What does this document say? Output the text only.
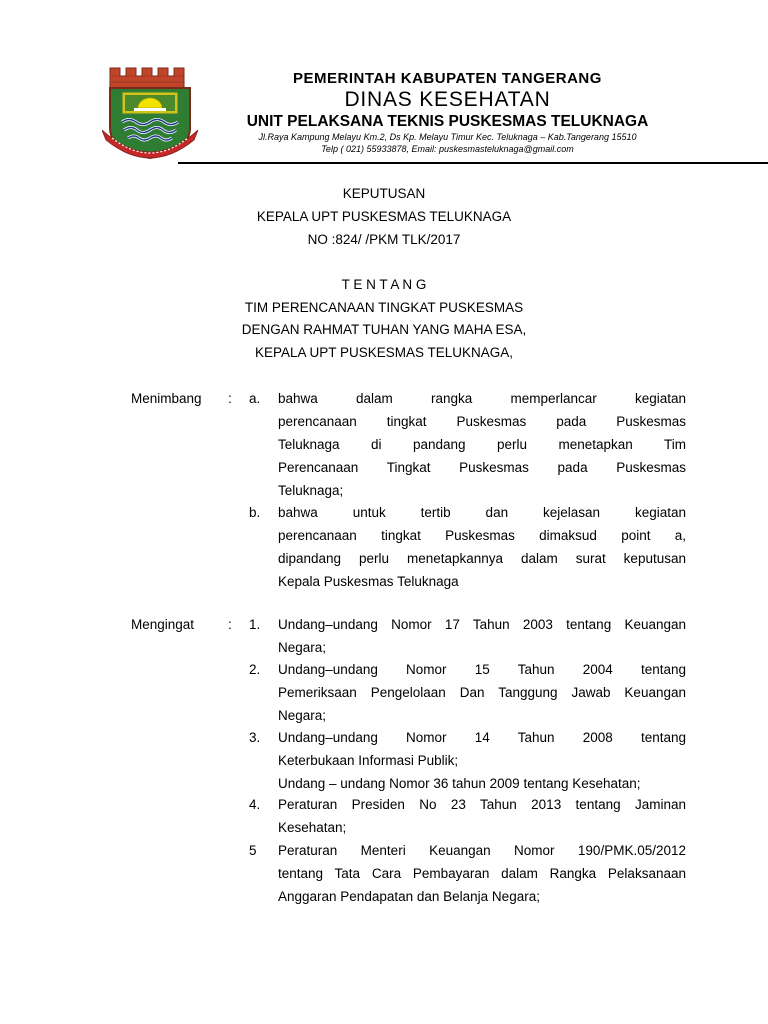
PEMERINTAH KABUPATEN TANGERANG
DINAS KESEHATAN
UNIT PELAKSANA TEKNIS PUSKESMAS TELUKNAGA
Jl.Raya Kampung Melayu Km.2, Ds Kp. Melayu Timur Kec. Teluknaga – Kab.Tangerang 15510
Telp ( 021) 55933878, Email: puskesmasteluknaga@gmail.com
KEPUTUSAN
KEPALA UPT PUSKESMAS TELUKNAGA
NO :824/ /PKM TLK/2017
T E N T A N G
TIM PERENCANAAN TINGKAT PUSKESMAS
DENGAN RAHMAT TUHAN YANG MAHA ESA,
KEPALA UPT PUSKESMAS TELUKNAGA,
Menimbang : a. bahwa dalam rangka memperlancar kegiatan
perencanaan tingkat Puskesmas pada Puskesmas
Teluknaga di pandang perlu menetapkan Tim
Perencanaan Tingkat Puskesmas pada Puskesmas
Teluknaga;
b. bahwa untuk tertib dan kejelasan kegiatan
perencanaan tingkat Puskesmas dimaksud point a,
dipandang perlu menetapkannya dalam surat keputusan
Kepala Puskesmas Teluknaga
Mengingat	: 1. Undang–undang Nomor 17 Tahun 2003 tentang Keuangan
Negara;
2. Undang–undang Nomor 15 Tahun 2004 tentang
Pemeriksaan Pengelolaan Dan Tanggung Jawab Keuangan
Negara;
3. Undang–undang Nomor 14 Tahun 2008 tentang
Keterbukaan Informasi Publik;
Undang – undang Nomor 36 tahun 2009 tentang Kesehatan;
4. Peraturan Presiden No 23 Tahun 2013 tentang Jaminan
Kesehatan;
5 Peraturan Menteri Keuangan Nomor 190/PMK.05/2012
tentang Tata Cara Pembayaran dalam Rangka Pelaksanaan
Anggaran Pendapatan dan Belanja Negara;
